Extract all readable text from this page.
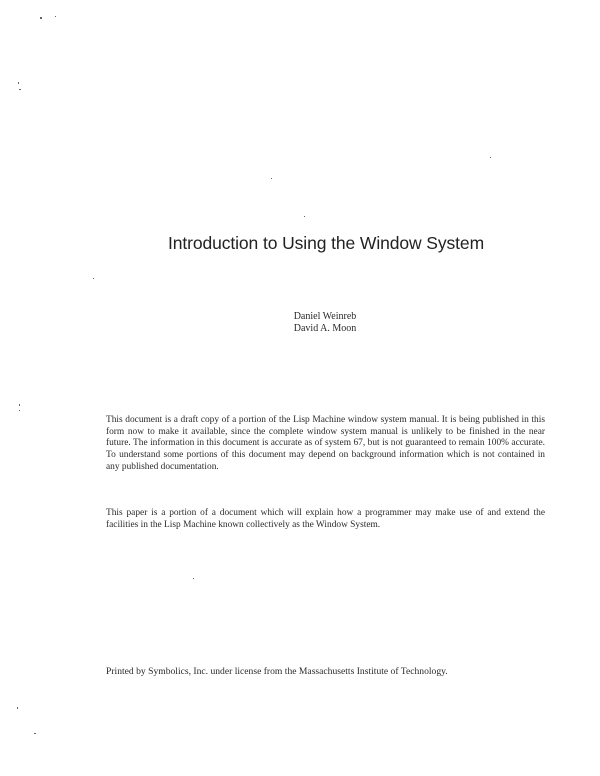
Introduction to Using the Window System
Daniel Weinreb
David A. Moon

This document is a draft copy of a portion of the Lisp Machine window system manual. It is being published in this form now to make it available, since the complete window system manual is unlikely to be finished in the near future. The information in this document is accurate as of system 67, but is not guaranteed to remain 100% accurate. To understand some portions of this document may depend on background information which is not contained in any published documentation.

This paper is a portion of a document which will explain how a programmer may make use of and extend the facilities in the Lisp Machine known collectively as the Window System.

Printed by Symbolics, Inc. under license from the Massachusetts Institute of Technology.
